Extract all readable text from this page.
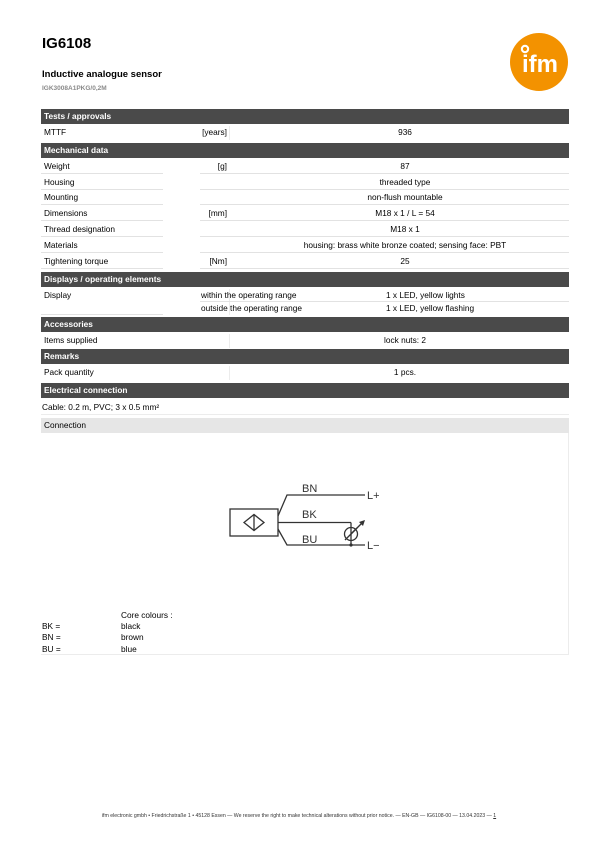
IG6108
Inductive analogue sensor
IGK3008A1PKG/0,2M
ifm
Tests / approvals
MTTF	[years]	936
Mechanical data
Weight	[g]	87
Housing	threaded type
Mounting	non-flush mountable
Dimensions	[mm]	M18 x 1 / L = 54
Thread designation	M18 x 1
Materials	housing: brass white bronze coated; sensing face: PBT
Tightening torque	[Nm]	25
Displays / operating elements
Display	within the operating range	1 x LED, yellow lights
outside the operating range	1 x LED, yellow flashing
Accessories
Items supplied	lock nuts: 2
Remarks
Pack quantity	1 pcs.
Electrical connection
Cable: 0.2 m, PVC; 3 x 0.5 mm²
Connection
BN
BK
BU
L+
L−
Core colours :
BK =	black
BN =	brown
BU =	blue
ifm electronic gmbh • Friedrichstraße 1 • 45128 Essen — We reserve the right to make technical alterations without prior notice. — EN-GB — IG6108-00 — 13.04.2023 — 1
